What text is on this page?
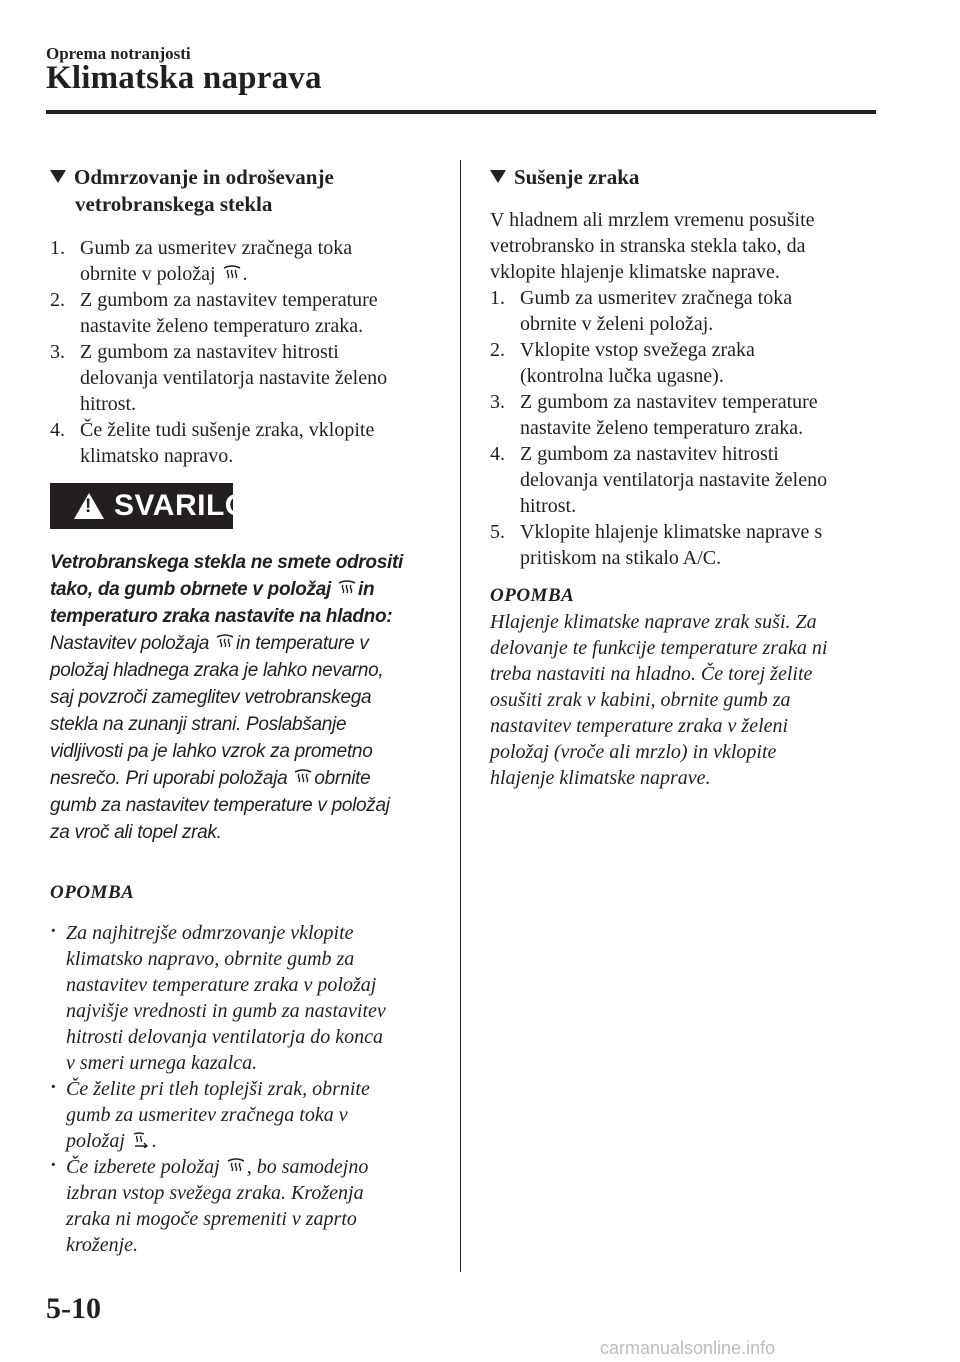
Oprema notranjosti
Klimatska naprava
Odmrzovanje in odroševanje
vetrobranskega stekla
1. Gumb za usmeritev zračnega toka
obrnite v položaj .
2. Z gumbom za nastavitev temperature
nastavite želeno temperaturo zraka.
3. Z gumbom za nastavitev hitrosti
delovanja ventilatorja nastavite želeno
hitrost.
4. Če želite tudi sušenje zraka, vklopite
klimatsko napravo.
!
SVARILO
Vetrobranskega stekla ne smete odrositi
tako, da gumb obrnete v položaj in
temperaturo zraka nastavite na hladno:
Nastavitev položaja in temperature v
položaj hladnega zraka je lahko nevarno,
saj povzroči zameglitev vetrobranskega
stekla na zunanji strani. Poslabšanje
vidljivosti pa je lahko vzrok za prometno
nesrečo. Pri uporabi položaja obrnite
gumb za nastavitev temperature v položaj
za vroč ali topel zrak.
OPOMBA
· Za najhitrejše odmrzovanje vklopite
klimatsko napravo, obrnite gumb za
nastavitev temperature zraka v položaj
najvišje vrednosti in gumb za nastavitev
hitrosti delovanja ventilatorja do konca
v smeri urnega kazalca.
· Če želite pri tleh toplejši zrak, obrnite
gumb za usmeritev zračnega toka v
položaj .
· Če izberete položaj , bo samodejno
izbran vstop svežega zraka. Kroženja
zraka ni mogoče spremeniti v zaprto
kroženje.
Sušenje zraka
V hladnem ali mrzlem vremenu posušite
vetrobransko in stranska stekla tako, da
vklopite hlajenje klimatske naprave.
1. Gumb za usmeritev zračnega toka
obrnite v želeni položaj.
2. Vklopite vstop svežega zraka
(kontrolna lučka ugasne).
3. Z gumbom za nastavitev temperature
nastavite želeno temperaturo zraka.
4. Z gumbom za nastavitev hitrosti
delovanja ventilatorja nastavite želeno
hitrost.
5. Vklopite hlajenje klimatske naprave s
pritiskom na stikalo A/C.
OPOMBA
Hlajenje klimatske naprave zrak suši. Za
delovanje te funkcije temperature zraka ni
treba nastaviti na hladno. Če torej želite
osušiti zrak v kabini, obrnite gumb za
nastavitev temperature zraka v želeni
položaj (vroče ali mrzlo) in vklopite
hlajenje klimatske naprave.
5-10
carmanualsonline.info
